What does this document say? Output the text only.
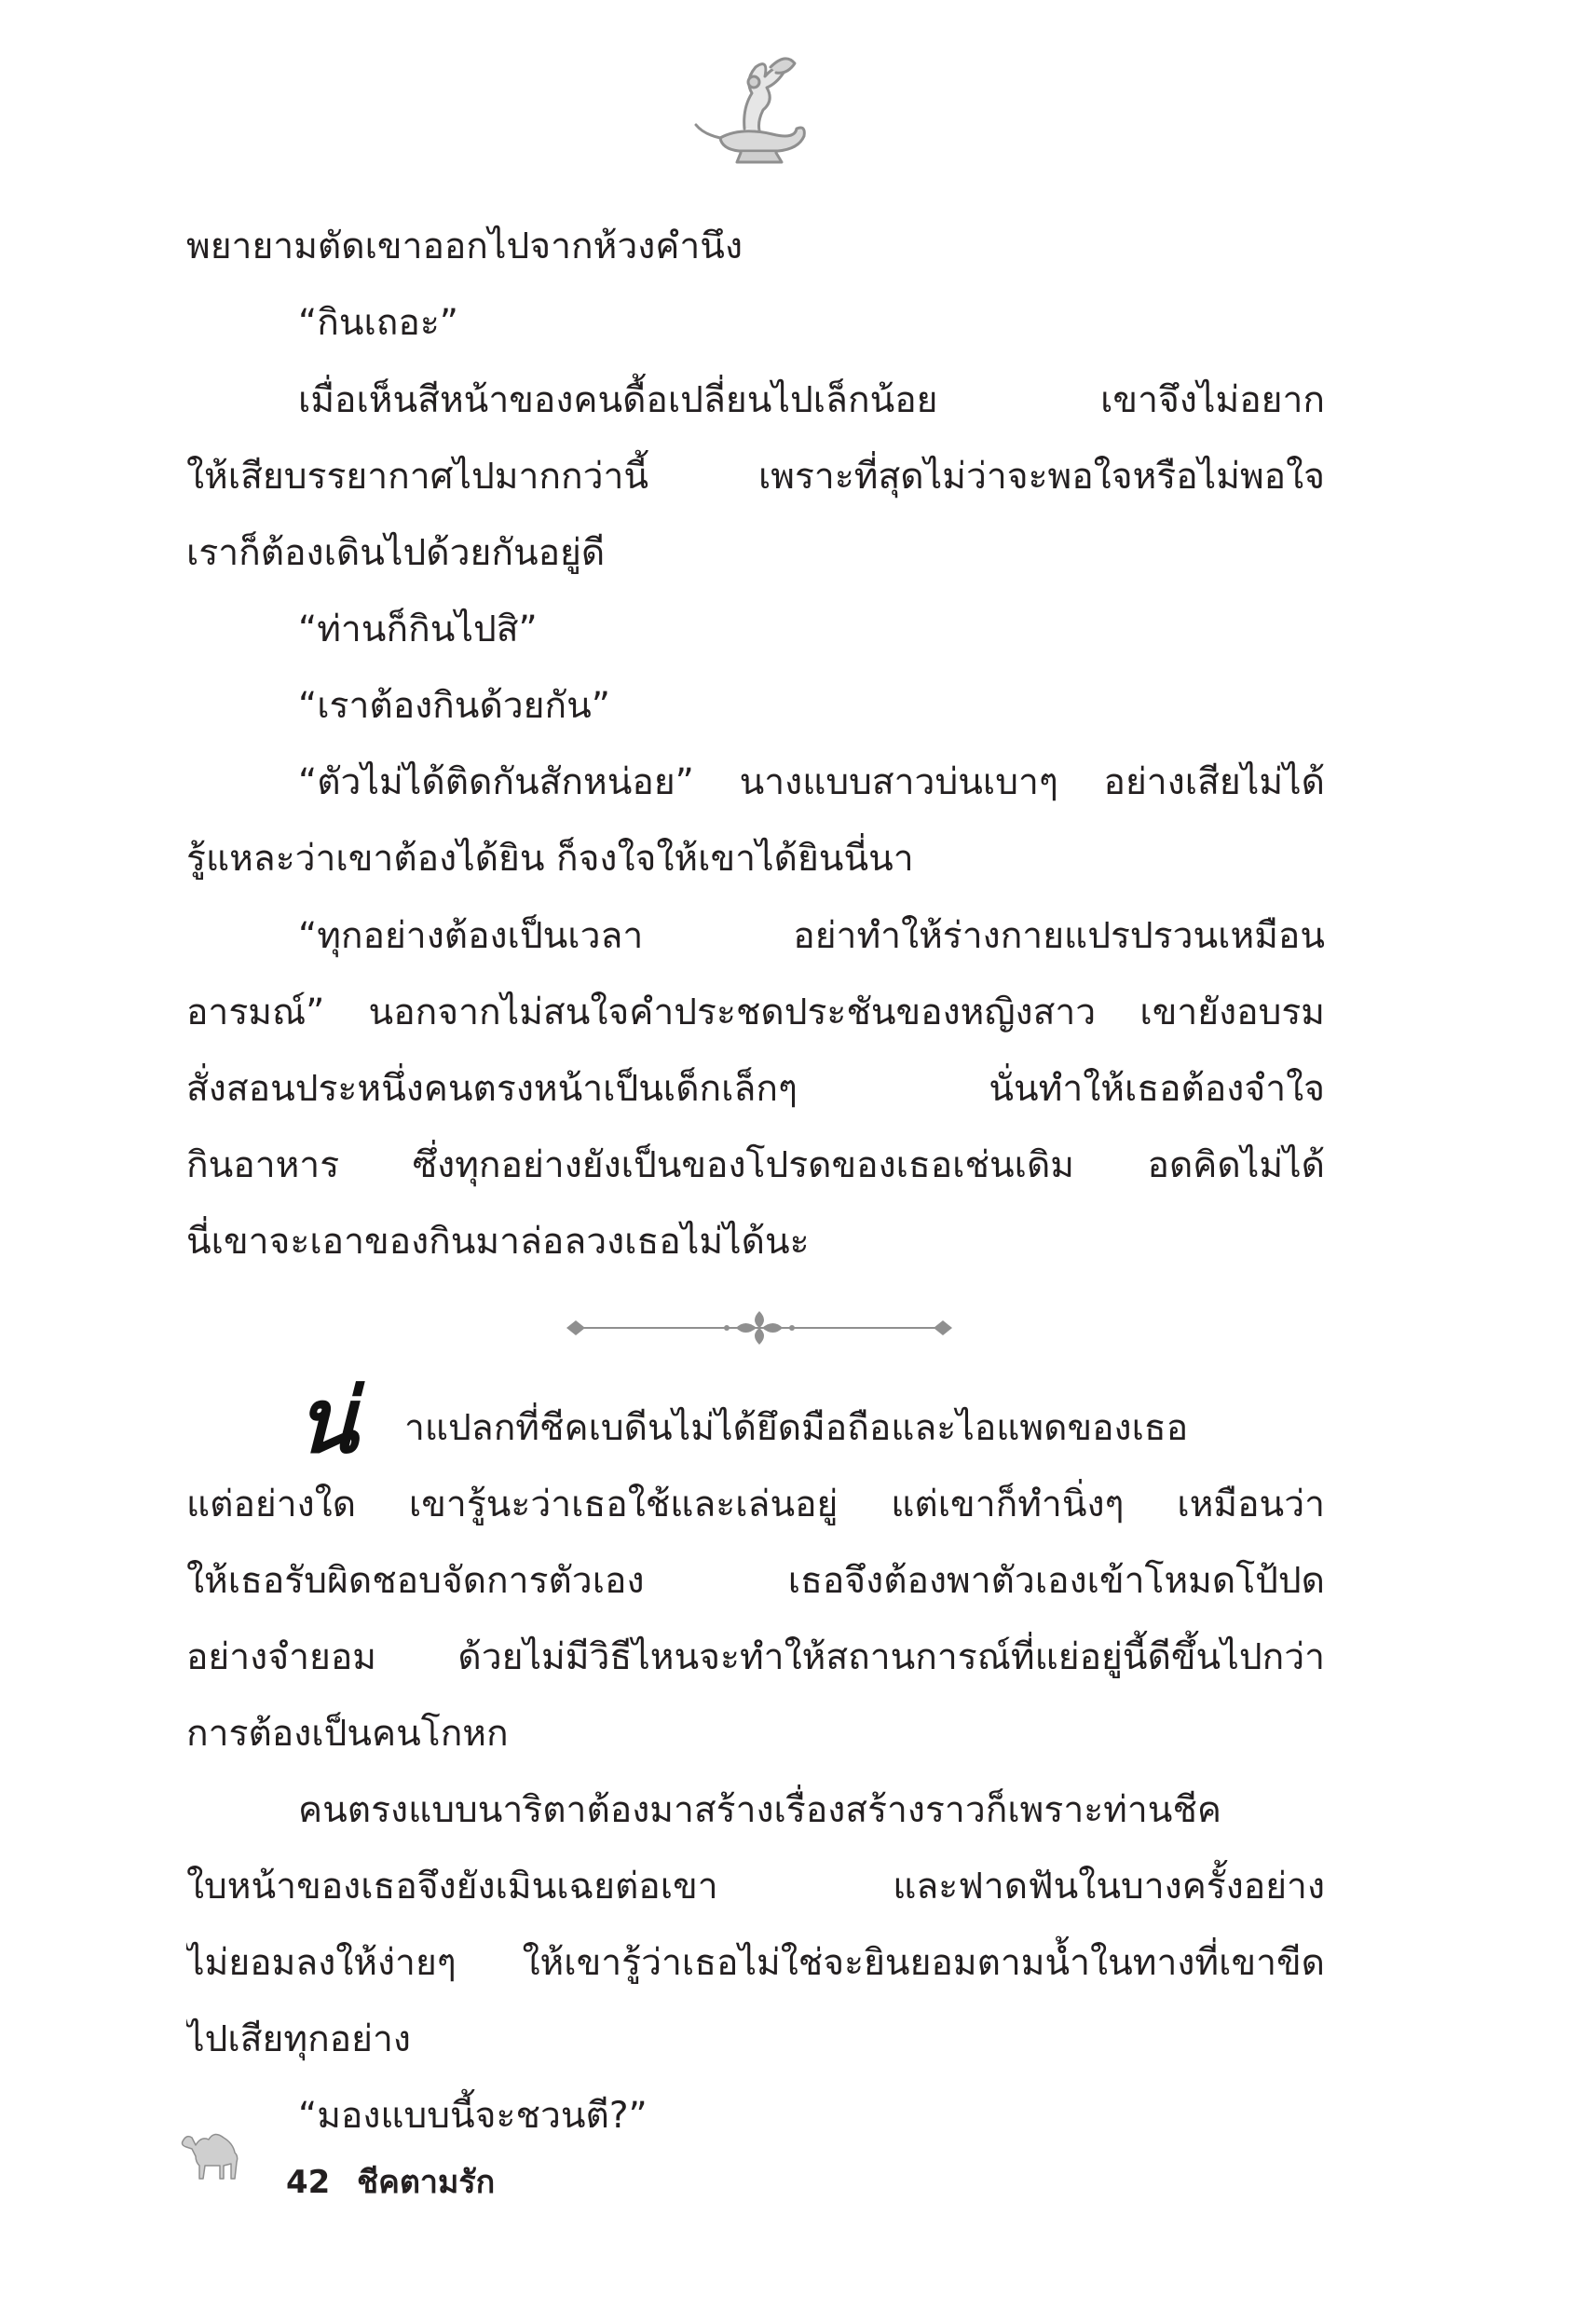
พยายามตัดเขาออกไปจากห้วงคำนึง
“กินเถอะ”
เมื่อเห็นสีหน้าของคนดื้อเปลี่ยนไปเล็กน้อย เขาจึงไม่อยาก
ให้เสียบรรยากาศไปมากกว่านี้ เพราะที่สุดไม่ว่าจะพอใจหรือไม่พอใจ
เราก็ต้องเดินไปด้วยกันอยู่ดี
“ท่านก็กินไปสิ”
“เราต้องกินด้วยกัน”
“ตัวไม่ได้ติดกันสักหน่อย” นางแบบสาวบ่นเบาๆ อย่างเสียไม่ได้
รู้แหละว่าเขาต้องได้ยิน ก็จงใจให้เขาได้ยินนี่นา
“ทุกอย่างต้องเป็นเวลา อย่าทำให้ร่างกายแปรปรวนเหมือน
อารมณ์” นอกจากไม่สนใจคำประชดประชันของหญิงสาว เขายังอบรม
สั่งสอนประหนึ่งคนตรงหน้าเป็นเด็กเล็กๆ นั่นทำให้เธอต้องจำใจ
กินอาหาร ซึ่งทุกอย่างยังเป็นของโปรดของเธอเช่นเดิม อดคิดไม่ได้
นี่เขาจะเอาของกินมาล่อลวงเธอไม่ได้นะ
น่ าแปลกที่ชีคเบดีนไม่ได้ยึดมือถือและไอแพดของเธอ
แต่อย่างใด เขารู้นะว่าเธอใช้และเล่นอยู่ แต่เขาก็ทำนิ่งๆ เหมือนว่า
ให้เธอรับผิดชอบจัดการตัวเอง เธอจึงต้องพาตัวเองเข้าโหมดโป้ปด
อย่างจำยอม ด้วยไม่มีวิธีไหนจะทำให้สถานการณ์ที่แย่อยู่นี้ดีขึ้นไปกว่า
การต้องเป็นคนโกหก
คนตรงแบบนาริตาต้องมาสร้างเรื่องสร้างราวก็เพราะท่านชีค
ใบหน้าของเธอจึงยังเมินเฉยต่อเขา และฟาดฟันในบางครั้งอย่าง
ไม่ยอมลงให้ง่ายๆ ให้เขารู้ว่าเธอไม่ใช่จะยินยอมตามน้ำในทางที่เขาขีด
ไปเสียทุกอย่าง
“มองแบบนี้จะชวนตี?”
42 ชีคตามรัก
